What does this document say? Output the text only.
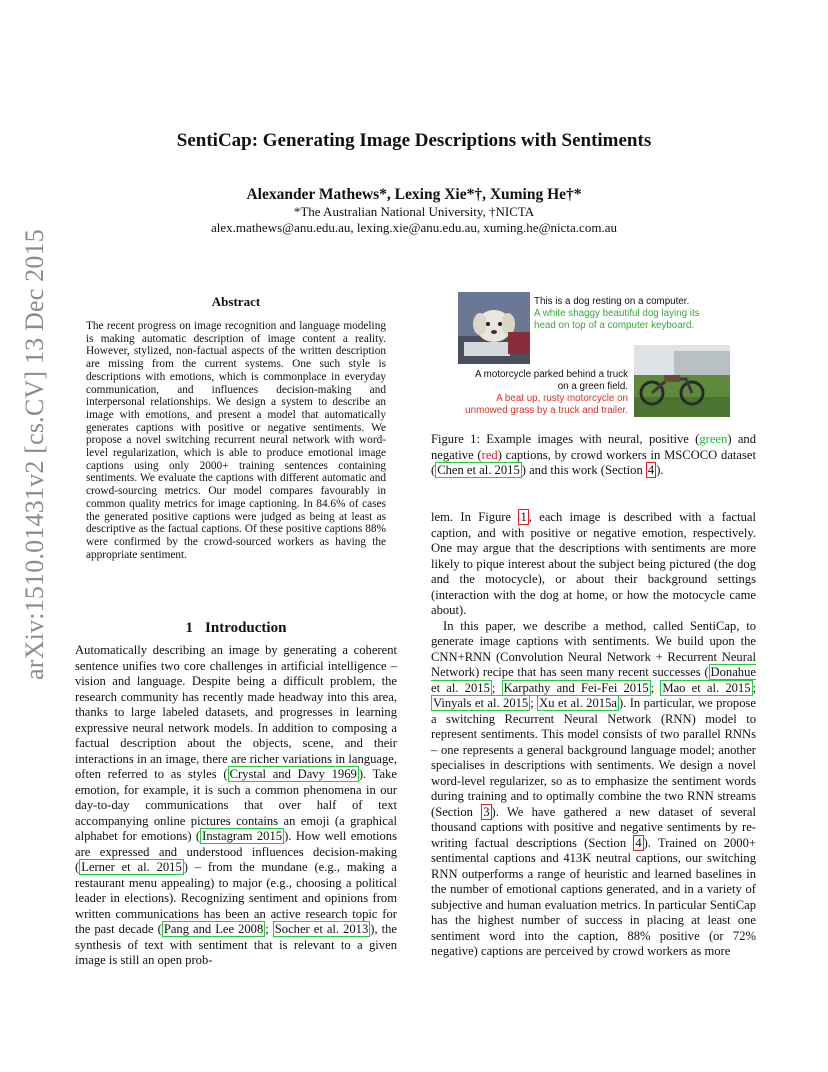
arXiv:1510.01431v2 [cs.CV] 13 Dec 2015
SentiCap: Generating Image Descriptions with Sentiments
Alexander Mathews*, Lexing Xie*†, Xuming He†*
*The Australian National University, †NICTA
alex.mathews@anu.edu.au, lexing.xie@anu.edu.au, xuming.he@nicta.com.au
Abstract
The recent progress on image recognition and language modeling is making automatic description of image content a reality. However, stylized, non-factual aspects of the written description are missing from the current systems. One such style is descriptions with emotions, which is commonplace in everyday communication, and influences decision-making and interpersonal relationships. We design a system to describe an image with emotions, and present a model that automatically generates captions with positive or negative sentiments. We propose a novel switching recurrent neural network with word-level regularization, which is able to produce emotional image captions using only 2000+ training sentences containing sentiments. We evaluate the captions with different automatic and crowd-sourcing metrics. Our model compares favourably in common quality metrics for image captioning. In 84.6% of cases the generated positive captions were judged as being at least as descriptive as the factual captions. Of these positive captions 88% were confirmed by the crowd-sourced workers as having the appropriate sentiment.
1 Introduction
Automatically describing an image by generating a coherent sentence unifies two core challenges in artificial intelligence – vision and language. Despite being a difficult problem, the research community has recently made headway into this area, thanks to large labeled datasets, and progresses in learning expressive neural network models. In addition to composing a factual description about the objects, scene, and their interactions in an image, there are richer variations in language, often referred to as styles ( Crystal and Davy 1969 ). Take emotion, for example, it is such a common phenomena in our day-to-day communications that over half of text accompanying online pictures contains an emoji (a graphical alphabet for emotions) ( Instagram 2015 ). How well emotions are expressed and understood influences decision-making ( Lerner et al. 2015 ) – from the mundane (e.g., making a restaurant menu appealing) to major (e.g., choosing a political leader in elections). Recognizing sentiment and opinions from written communications has been an active research topic for the past decade ( Pang and Lee 2008 ; Socher et al. 2013 ), the synthesis of text with sentiment that is relevant to a given image is still an open prob-
This is a dog resting on a computer.
A white shaggy beautiful dog laying its head on top of a computer keyboard.
A motorcycle parked behind a truck on a green field.
A beat up, rusty motorcycle on unmowed grass by a truck and trailer.
Figure 1: Example images with neural, positive (green) and negative (red) captions, by crowd workers in MSCOCO dataset ( Chen et al. 2015 ) and this work (Section 4 ).

lem. In Figure 1 , each image is described with a factual caption, and with positive or negative emotion, respectively. One may argue that the descriptions with sentiments are more likely to pique interest about the subject being pictured (the dog and the motocycle), or about their background settings (interaction with the dog at home, or how the motocycle came about).

In this paper, we describe a method, called SentiCap, to generate image captions with sentiments. We build upon the CNN+RNN (Convolution Neural Network + Recurrent Neural Network) recipe that has seen many recent successes ( Donahue et al. 2015 ; Karpathy and Fei-Fei 2015 ; Mao et al. 2015 ; Vinyals et al. 2015 ; Xu et al. 2015a ). In particular, we propose a switching Recurrent Neural Network (RNN) model to represent sentiments. This model consists of two parallel RNNs – one represents a general background language model; another specialises in descriptions with sentiments. We design a novel word-level regularizer, so as to emphasize the sentiment words during training and to optimally combine the two RNN streams (Section 3 ). We have gathered a new dataset of several thousand captions with positive and negative sentiments by re-writing factual descriptions (Section 4 ). Trained on 2000+ sentimental captions and 413K neutral captions, our switching RNN outperforms a range of heuristic and learned baselines in the number of emotional captions generated, and in a variety of subjective and human evaluation metrics. In particular SentiCap has the highest number of success in placing at least one sentiment word into the caption, 88% positive (or 72% negative) captions are perceived by crowd workers as more
